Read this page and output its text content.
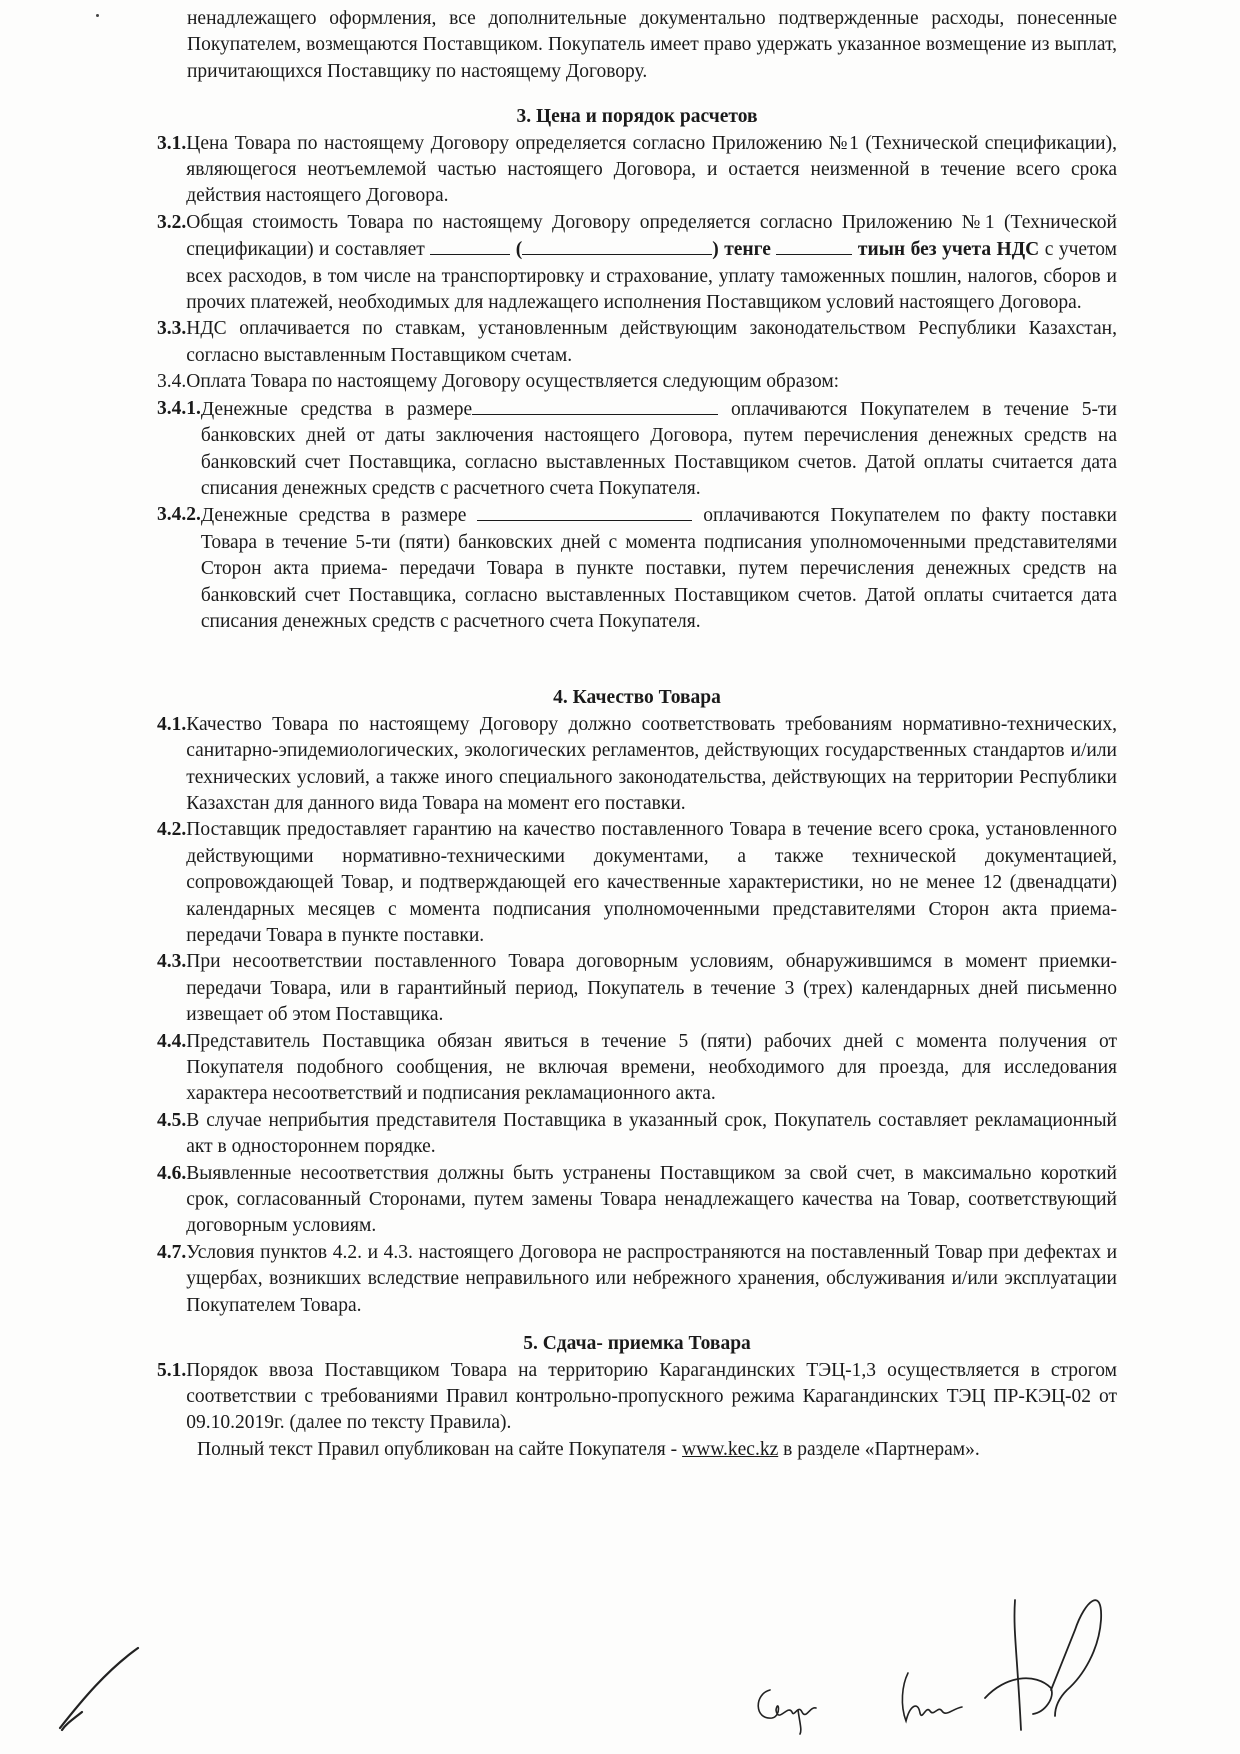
ненадлежащего оформления, все дополнительные документально подтвержденные расходы, понесенные Покупателем, возмещаются Поставщиком. Покупатель имеет право удержать указанное возмещение из выплат, причитающихся Поставщику по настоящему Договору.

3. Цена и порядок расчетов

3.1. Цена Товара по настоящему Договору определяется согласно Приложению №1 (Технической спецификации), являющегося неотъемлемой частью настоящего Договора, и остается неизменной в течение всего срока действия настоящего Договора.
3.2. Общая стоимость Товара по настоящему Договору определяется согласно Приложению №1 (Технической спецификации) и составляет	(	) тенге	тиын без учета НДС с учетом всех расходов, в том числе на транспортировку и страхование, уплату таможенных пошлин, налогов, сборов и прочих платежей, необходимых для надлежащего исполнения Поставщиком условий настоящего Договора.
3.3. НДС оплачивается по ставкам, установленным действующим законодательством Республики Казахстан, согласно выставленным Поставщиком счетам.
3.4. Оплата Товара по настоящему Договору осуществляется следующим образом:
3.4.1. Денежные средства в размере	оплачиваются Покупателем в течение 5-ти банковских дней от даты заключения настоящего Договора, путем перечисления денежных средств на банковский счет Поставщика, согласно выставленных Поставщиком счетов. Датой оплаты считается дата списания денежных средств с расчетного счета Покупателя.
3.4.2. Денежные средства в размере	оплачиваются Покупателем по факту поставки Товара в течение 5-ти (пяти) банковских дней с момента подписания уполномоченными представителями Сторон акта приема- передачи Товара в пункте поставки, путем перечисления денежных средств на банковский счет Поставщика, согласно выставленных Поставщиком счетов. Датой оплаты считается дата списания денежных средств с расчетного счета Покупателя.

4. Качество Товара

4.1. Качество Товара по настоящему Договору должно соответствовать требованиям нормативно-технических, санитарно-эпидемиологических, экологических регламентов, действующих государственных стандартов и/или технических условий, а также иного специального законодательства, действующих на территории Республики Казахстан для данного вида Товара на момент его поставки.
4.2. Поставщик предоставляет гарантию на качество поставленного Товара в течение всего срока, установленного действующими нормативно-техническими документами, а также технической документацией, сопровождающей Товар, и подтверждающей его качественные характеристики, но не менее 12 (двенадцати) календарных месяцев с момента подписания уполномоченными представителями Сторон акта приема-передачи Товара в пункте поставки.
4.3. При несоответствии поставленного Товара договорным условиям, обнаружившимся в момент приемки-передачи Товара, или в гарантийный период, Покупатель в течение 3 (трех) календарных дней письменно извещает об этом Поставщика.
4.4. Представитель Поставщика обязан явиться в течение 5 (пяти) рабочих дней с момента получения от Покупателя подобного сообщения, не включая времени, необходимого для проезда, для исследования характера несоответствий и подписания рекламационного акта.
4.5. В случае неприбытия представителя Поставщика в указанный срок, Покупатель составляет рекламационный акт в одностороннем порядке.
4.6. Выявленные несоответствия должны быть устранены Поставщиком за свой счет, в максимально короткий срок, согласованный Сторонами, путем замены Товара ненадлежащего качества на Товар, соответствующий договорным условиям.
4.7. Условия пунктов 4.2. и 4.3. настоящего Договора не распространяются на поставленный Товар при дефектах и ущербах, возникших вследствие неправильного или небрежного хранения, обслуживания и/или эксплуатации Покупателем Товара.

5. Сдача- приемка Товара

5.1. Порядок ввоза Поставщиком Товара на территорию Карагандинских ТЭЦ-1,3 осуществляется в строгом соответствии с требованиями Правил контрольно-пропускного режима Карагандинских ТЭЦ ПР-КЭЦ-02 от 09.10.2019г. (далее по тексту Правила).

Полный текст Правил опубликован на сайте Покупателя - www.kec.kz в разделе «Партнерам».
